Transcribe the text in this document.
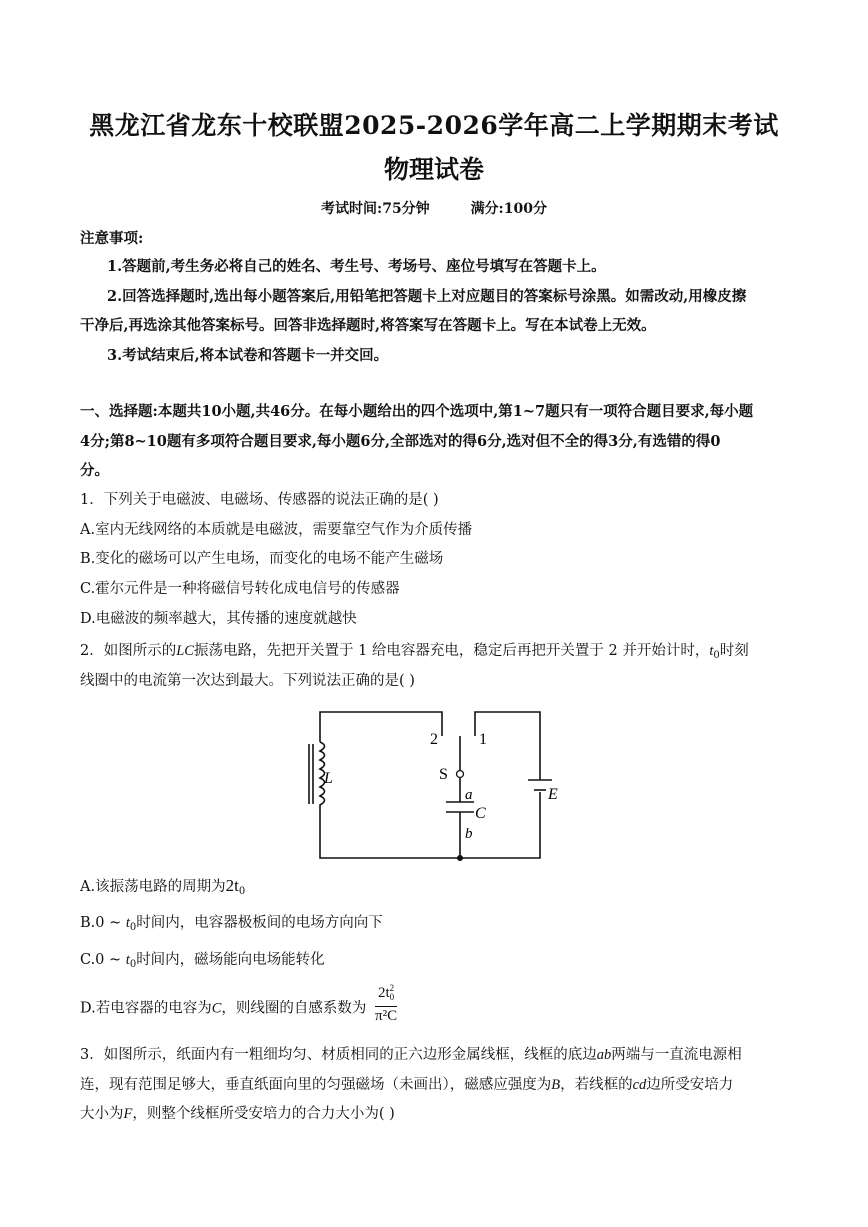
黑龙江省龙东十校联盟2025-2026学年高二上学期期末考试
物理试卷
考试时间:75分钟	满分:100分
注意事项:
1.答题前,考生务必将自己的姓名、考生号、考场号、座位号填写在答题卡上。
2.回答选择题时,选出每小题答案后,用铅笔把答题卡上对应题目的答案标号涂黑。如需改动,用橡皮擦
干净后,再选涂其他答案标号。回答非选择题时,将答案写在答题卡上。写在本试卷上无效。
3.考试结束后,将本试卷和答题卡一并交回。
一、选择题:本题共10小题,共46分。在每小题给出的四个选项中,第1~7题只有一项符合题目要求,每小题
4分;第8~10题有多项符合题目要求,每小题6分,全部选对的得6分,选对但不全的得3分,有选错的得0
分。
1．下列关于电磁波、电磁场、传感器的说法正确的是( )
A.室内无线网络的本质就是电磁波，需要靠空气作为介质传播
B.变化的磁场可以产生电场，而变化的电场不能产生磁场
C.霍尔元件是一种将磁信号转化成电信号的传感器
D.电磁波的频率越大，其传播的速度就越快
2．如图所示的LC振荡电路，先把开关置于 1 给电容器充电，稳定后再把开关置于 2 并开始计时，$t_0$时刻
线圈中的电流第一次达到最大。下列说法正确的是( )
2	1
S
L
a
C
b
E
A.该振荡电路的周期为$2t_0$
B.0 ~ $t_0$时间内，电容器极板间的电场方向向下
C.0 ~ $t_0$时间内，磁场能向电场能转化
D.若电容器的电容为C，则线圈的自感系数为 $2t_0$
2
π²C
3．如图所示，纸面内有一粗细均匀、材质相同的正六边形金属线框，线框的底边ab两端与一直流电源相
连，现有范围足够大，垂直纸面向里的匀强磁场（未画出），磁感应强度为B，若线框的cd边所受安培力
大小为F，则整个线框所受安培力的合力大小为( )
